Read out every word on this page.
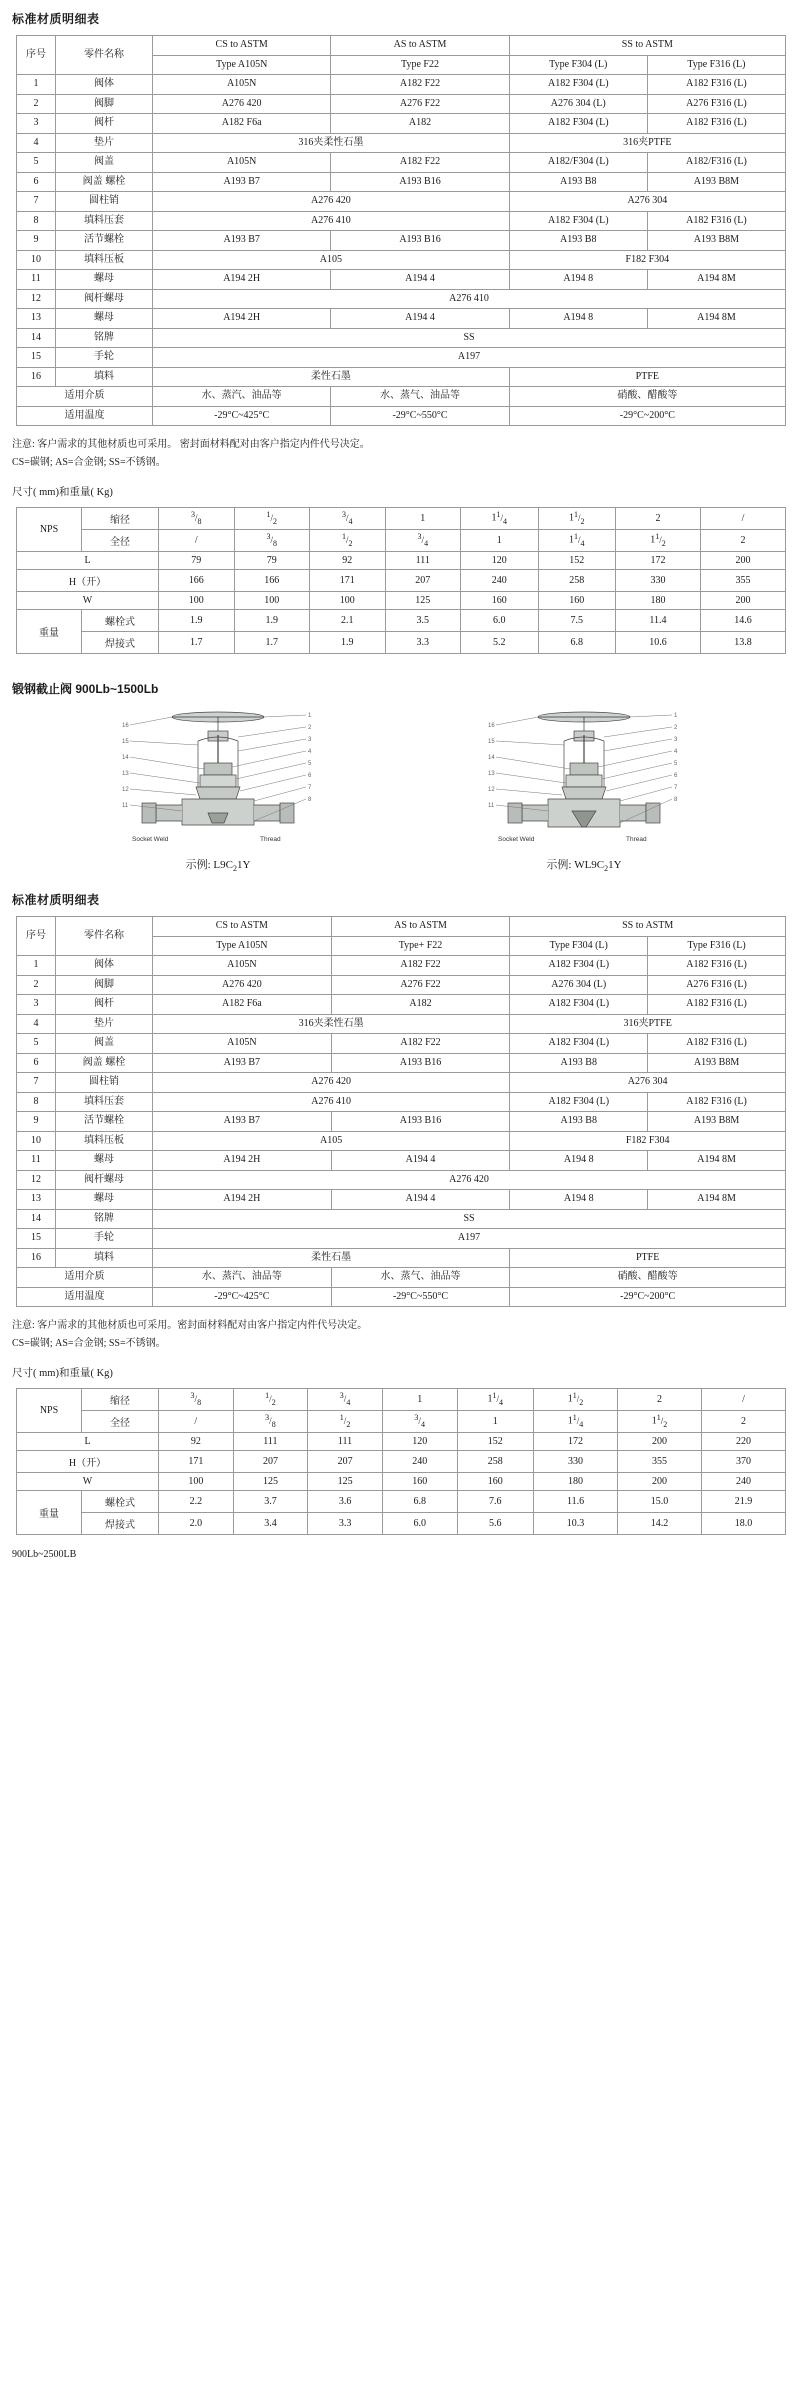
标准材质明细表
序号	零件名称	CS to ASTM	AS to ASTM	SS to ASTM	
		Type A105N	Type F22	Type F304 (L)	Type F316 (L)
1	阀体	A105N	A182 F22	A182 F304 (L)	A182 F316 (L)
2	阀脚	A276 420	A276 F22	A276 304 (L)	A276 F316 (L)
3	阀杆	A182 F6a	A182	A182 F304 (L)	A182 F316 (L)
4	垫片	316夹柔性石墨		316夹PTFE	
5	阀盖	A105N	A182 F22	A182/F304 (L)	A182/F316 (L)
6	阀盖 螺栓	A193 B7	A193 B16	A193 B8	A193 B8M
7	圆柱销	A276 420		A276 304	
8	填料压套	A276 410		A182 F304 (L)	A182 F316 (L)
9	活节螺栓	A193 B7	A193 B16	A193 B8	A193 B8M
10	填料压板	A105		F182 F304	
11	螺母	A194 2H	A194 4	A194 8	A194 8M
12	阀杆螺母	A276 410			
13	螺母	A194 2H	A194 4	A194 8	A194 8M
14	铭牌	SS			
15	手轮	A197			
16	填料	柔性石墨		PTFE	
适用介质		水、蒸汽、油品等	水、蒸气、油品等	硝酸、醋酸等	
适用温度		-29°C~425°C	-29°C~550°C	-29°C~200°C	
注意: 客户需求的其他材质也可采用。 密封面材料配对由客户指定内件代号决定。
CS=碳钢; AS=合金钢; SS=不锈钢。
尺寸( mm)和重量( Kg)
NPS	缩径	$^3/_8$	$^1/_2$	$^3/_4$	1	$1^1/_4$	$1^1/_2$	2	/
	全径	/	$^3/_8$	$^1/_2$	$^3/_4$	1	$1^1/_4$	$1^1/_2$	2
L		79	79	92	111	120	152	172	200
H（开）		166	166	171	207	240	258	330	355
W		100	100	100	125	160	160	180	200
重量	螺栓式	1.9	1.9	2.1	3.5	6.0	7.5	11.4	14.6
	焊接式	1.7	1.7	1.9	3.3	5.2	6.8	10.6	13.8
锻钢截止阀 900Lb~1500Lb
1
2
3
4
5
6
7
8
16
15
14
13
12
11
Socket Weld	Thread
示例: $L9C_21Y$
1
2
3
4
5
6
7
8
16
15
14
13
12
11
Socket Weld	Thread
示例: $WL9C_21Y$
标准材质明细表
序号	零件名称	CS to ASTM	AS to ASTM	SS to ASTM	
		Type A105N	Type+ F22	Type F304 (L)	Type F316 (L)
1	阀体	A105N	A182 F22	A182 F304 (L)	A182 F316 (L)
2	阀脚	A276 420	A276 F22	A276 304 (L)	A276 F316 (L)
3	阀杆	A182 F6a	A182	A182 F304 (L)	A182 F316 (L)
4	垫片	316夹柔性石墨		316夹PTFE	
5	阀盖	A105N	A182 F22	A182 F304 (L)	A182 F316 (L)
6	阀盖 螺栓	A193 B7	A193 B16	A193 B8	A193 B8M
7	圆柱销	A276 420		A276 304	
8	填料压套	A276 410		A182 F304 (L)	A182 F316 (L)
9	活节螺栓	A193 B7	A193 B16	A193 B8	A193 B8M
10	填料压板	A105		F182 F304	
11	螺母	A194 2H	A194 4	A194 8	A194 8M
12	阀杆螺母	A276 420			
13	螺母	A194 2H	A194 4	A194 8	A194 8M
14	铭牌	SS			
15	手轮	A197			
16	填料	柔性石墨		PTFE	
适用介质		水、蒸汽、油品等	水、蒸气、油品等	硝酸、醋酸等	
适用温度		-29°C~425°C	-29°C~550°C	-29°C~200°C	
注意: 客户需求的其他材质也可采用。密封面材料配对由客户指定内件代号决定。
CS=碳钢; AS=合金钢; SS=不锈钢。
尺寸( mm)和重量( Kg)
NPS	缩径	$^3/_8$	$^1/_2$	$^3/_4$	1	$1^1/_4$	$1^1/_2$	2	/
	全径	/	$^3/_8$	$^1/_2$	$^3/_4$	1	$1^1/_4$	$1^1/_2$	2
L		92	111	111	120	152	172	200	220
H（开）		171	207	207	240	258	330	355	370
W		100	125	125	160	160	180	200	240
重量	螺栓式	2.2	3.7	3.6	6.8	7.6	11.6	15.0	21.9
	焊接式	2.0	3.4	3.3	6.0	5.6	10.3	14.2	18.0
900Lb~2500LB
